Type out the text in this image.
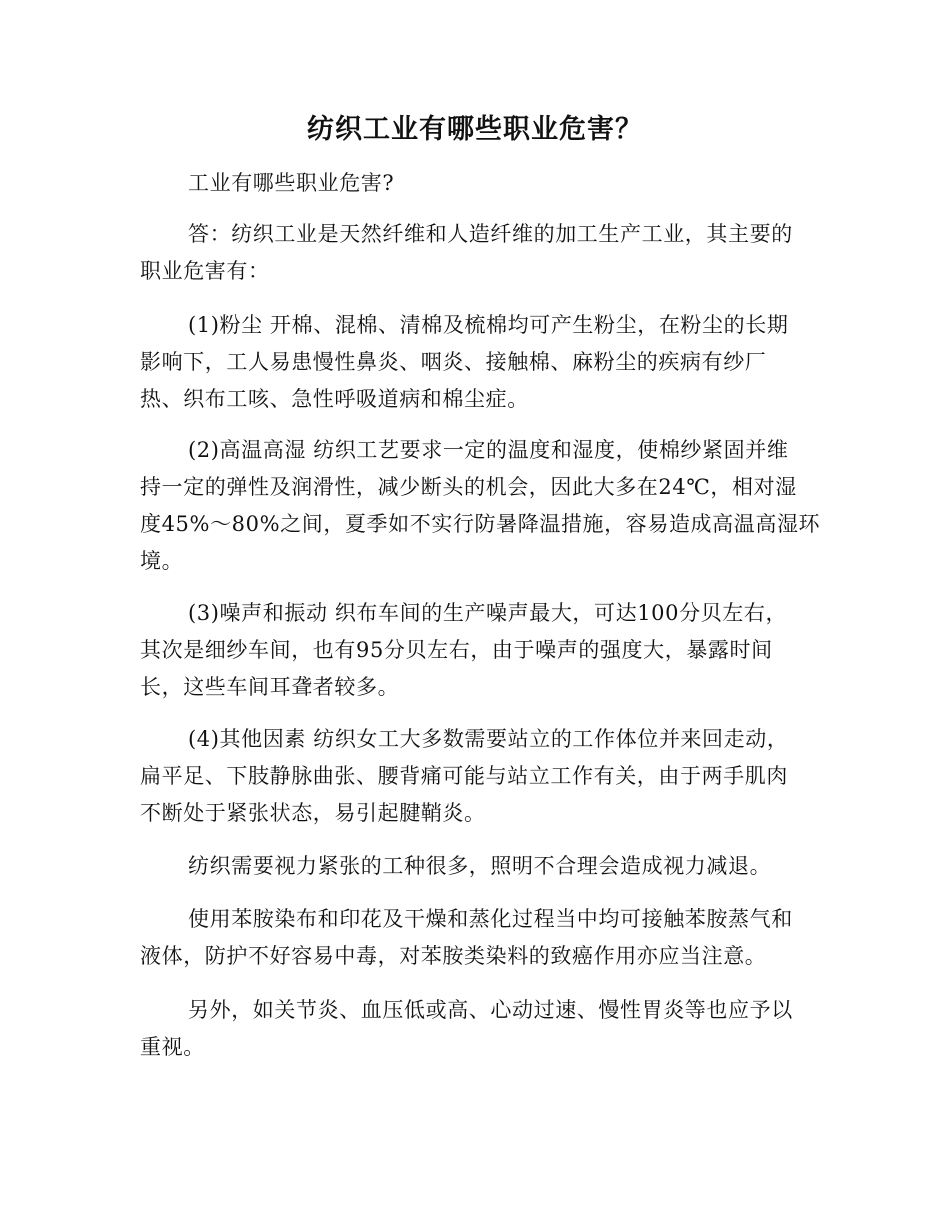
纺织工业有哪些职业危害？
工业有哪些职业危害?
答：纺织工业是天然纤维和人造纤维的加工生产工业，其主要的
职业危害有：
(1)粉尘 开棉、混棉、清棉及梳棉均可产生粉尘，在粉尘的长期
影响下，工人易患慢性鼻炎、咽炎、接触棉、麻粉尘的疾病有纱厂
热、织布工咳、急性呼吸道病和棉尘症。
(2)高温高湿 纺织工艺要求一定的温度和湿度，使棉纱紧固并维
持一定的弹性及润滑性，减少断头的机会，因此大多在24℃，相对湿
度45%～80%之间，夏季如不实行防暑降温措施，容易造成高温高湿环
境。
(3)噪声和振动 织布车间的生产噪声最大，可达100分贝左右，
其次是细纱车间，也有95分贝左右，由于噪声的强度大，暴露时间
长，这些车间耳聋者较多。
(4)其他因素 纺织女工大多数需要站立的工作体位并来回走动，
扁平足、下肢静脉曲张、腰背痛可能与站立工作有关，由于两手肌肉
不断处于紧张状态，易引起腱鞘炎。
纺织需要视力紧张的工种很多，照明不合理会造成视力减退。
使用苯胺染布和印花及干燥和蒸化过程当中均可接触苯胺蒸气和
液体，防护不好容易中毒，对苯胺类染料的致癌作用亦应当注意。
另外，如关节炎、血压低或高、心动过速、慢性胃炎等也应予以
重视。
